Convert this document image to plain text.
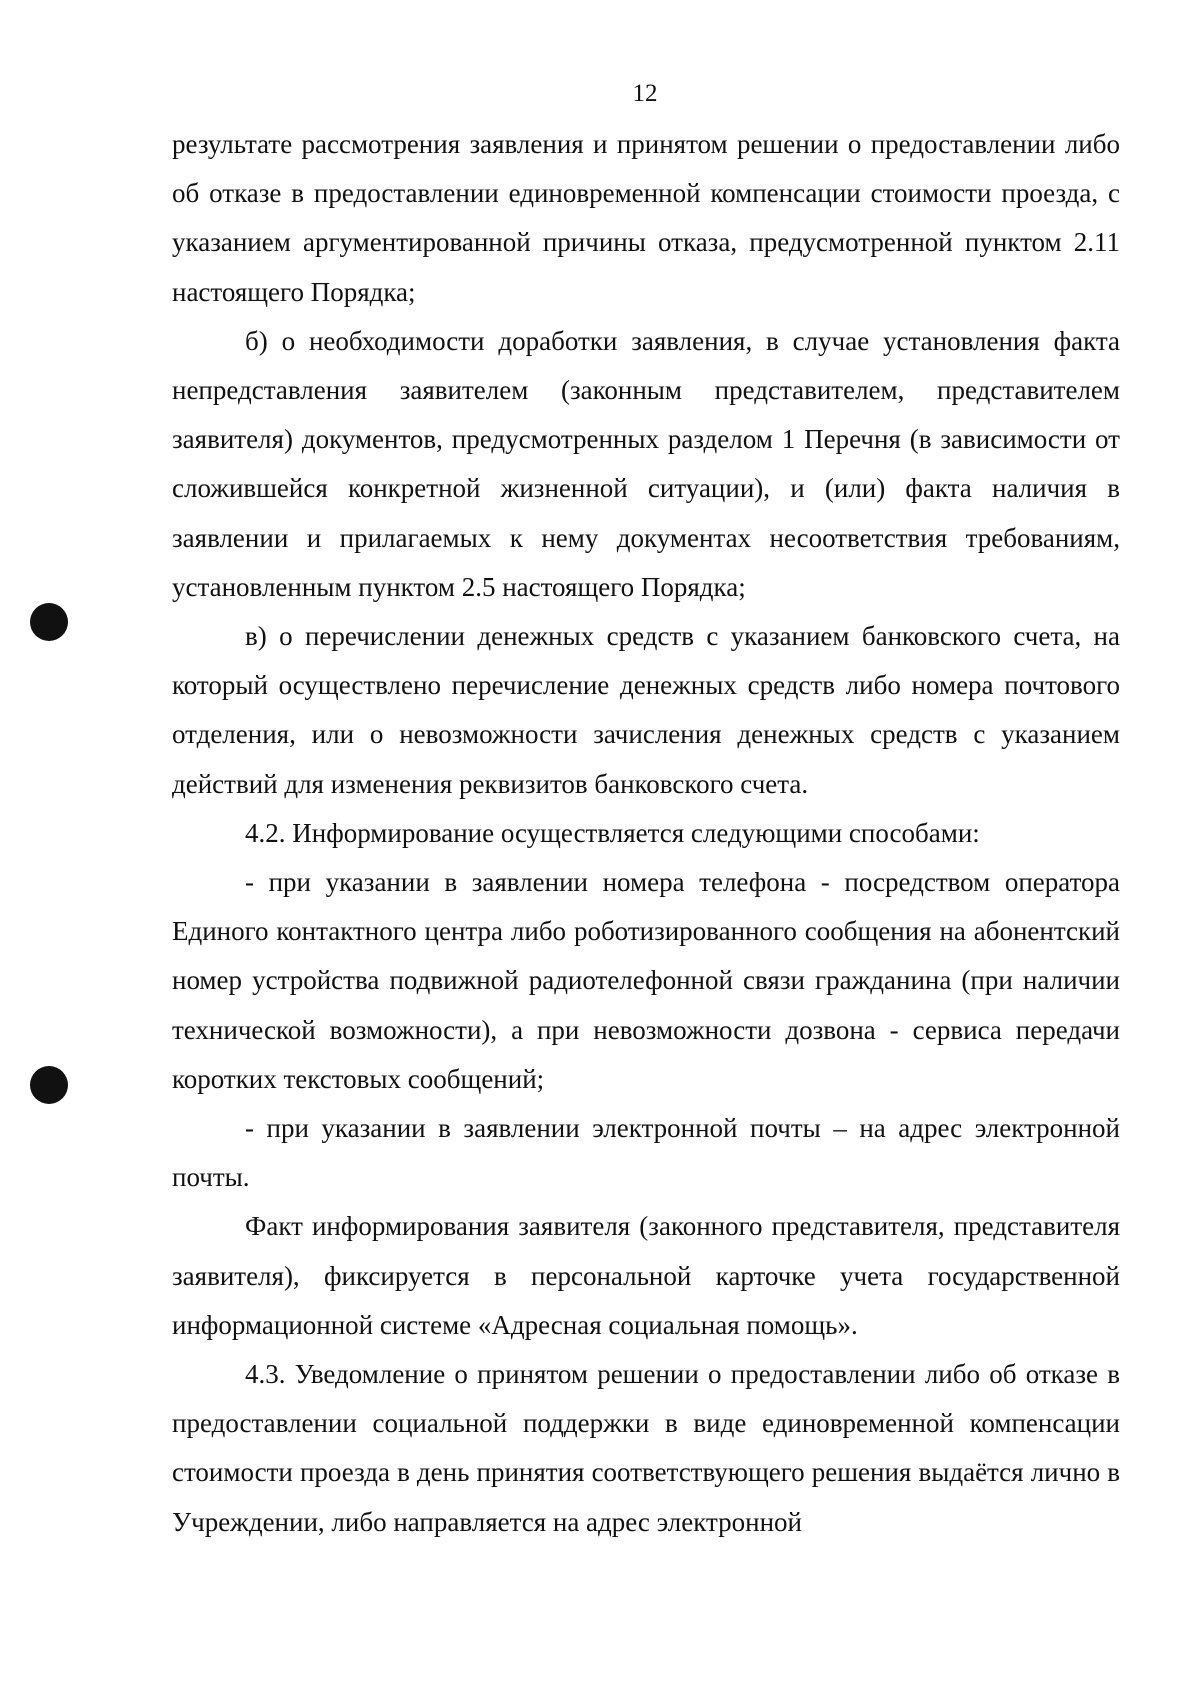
12

результате рассмотрения заявления и принятом решении о предоставлении либо об отказе в предоставлении единовременной компенсации стоимости проезда, с указанием аргументированной причины отказа, предусмотренной пунктом 2.11 настоящего Порядка;

б) о необходимости доработки заявления, в случае установления факта непредставления заявителем (законным представителем, представителем заявителя) документов, предусмотренных разделом 1 Перечня (в зависимости от сложившейся конкретной жизненной ситуации), и (или) факта наличия в заявлении и прилагаемых к нему документах несоответствия требованиям, установленным пунктом 2.5 настоящего Порядка;

в) о перечислении денежных средств с указанием банковского счета, на который осуществлено перечисление денежных средств либо номера почтового отделения, или о невозможности зачисления денежных средств с указанием действий для изменения реквизитов банковского счета.

4.2. Информирование осуществляется следующими способами:

- при указании в заявлении номера телефона - посредством оператора Единого контактного центра либо роботизированного сообщения на абонентский номер устройства подвижной радиотелефонной связи гражданина (при наличии технической возможности), а при невозможности дозвона - сервиса передачи коротких текстовых сообщений;

- при указании в заявлении электронной почты – на адрес электронной почты.

Факт информирования заявителя (законного представителя, представителя заявителя), фиксируется в персональной карточке учета государственной информационной системе «Адресная социальная помощь».

4.3. Уведомление о принятом решении о предоставлении либо об отказе в предоставлении социальной поддержки в виде единовременной компенсации стоимости проезда в день принятия соответствующего решения выдаётся лично в Учреждении, либо направляется на адрес электронной
